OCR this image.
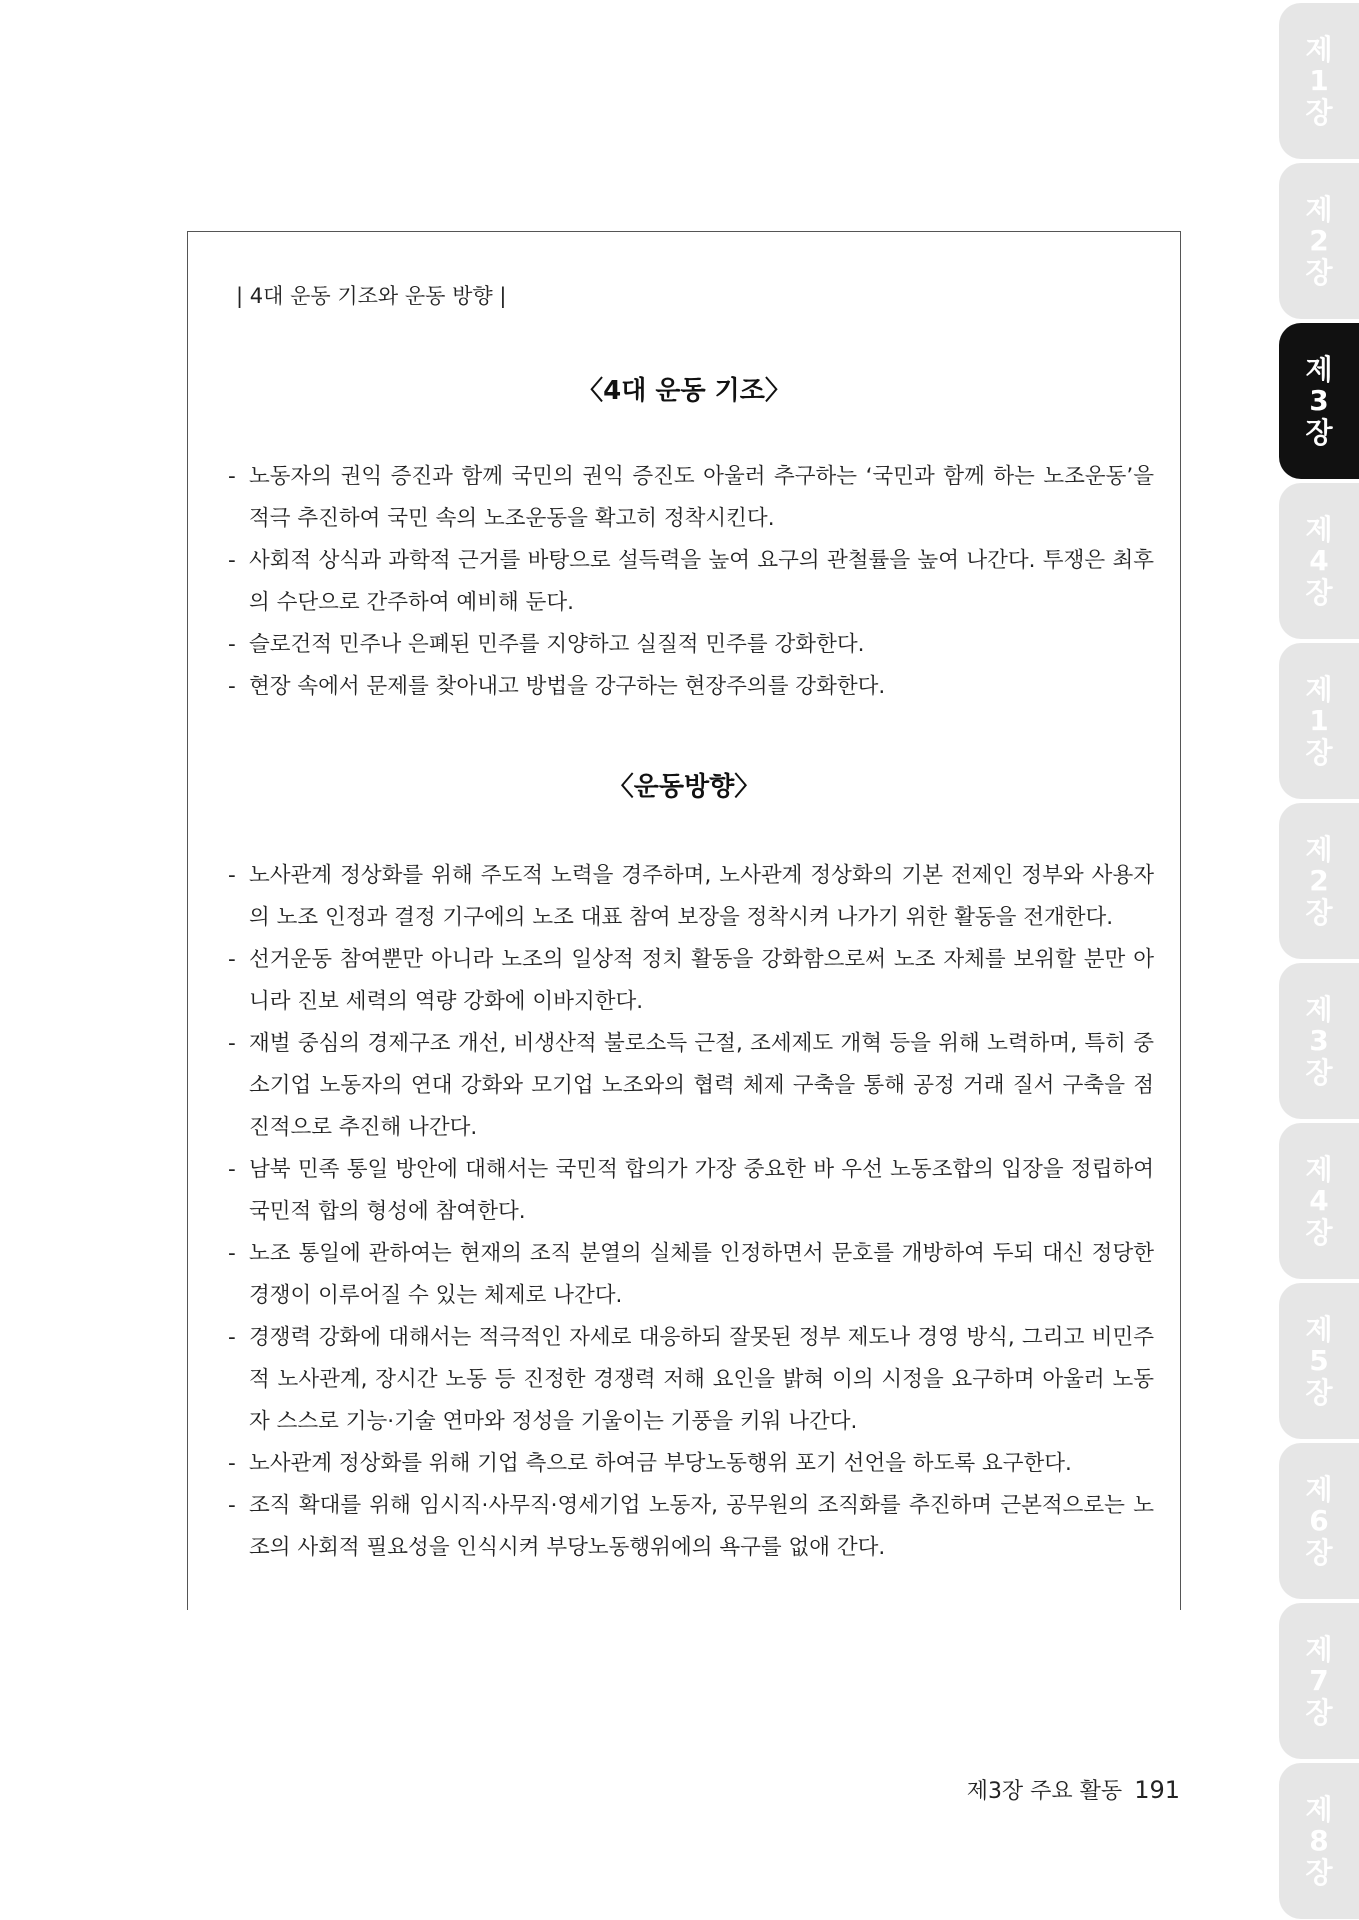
제
1
장
제
2
장
제
3
장
제
4
장
제
1
장
제
2
장
제
3
장
제
4
장
제
5
장
제
6
장
제
7
장
제
8
장
| 4대 운동 기조와 운동 방향 |
〈4대 운동 기조〉
- 노동자의 권익 증진과 함께 국민의 권익 증진도 아울러 추구하는 ‘국민과 함께 하는 노조운동’을 적극 추진하여 국민 속의 노조운동을 확고히 정착시킨다.
- 사회적 상식과 과학적 근거를 바탕으로 설득력을 높여 요구의 관철률을 높여 나간다. 투쟁은 최후의 수단으로 간주하여 예비해 둔다.
- 슬로건적 민주나 은폐된 민주를 지양하고 실질적 민주를 강화한다.
- 현장 속에서 문제를 찾아내고 방법을 강구하는 현장주의를 강화한다.
〈운동방향〉
- 노사관계 정상화를 위해 주도적 노력을 경주하며, 노사관계 정상화의 기본 전제인 정부와 사용자의 노조 인정과 결정 기구에의 노조 대표 참여 보장을 정착시켜 나가기 위한 활동을 전개한다.
- 선거운동 참여뿐만 아니라 노조의 일상적 정치 활동을 강화함으로써 노조 자체를 보위할 분만 아니라 진보 세력의 역량 강화에 이바지한다.
- 재벌 중심의 경제구조 개선, 비생산적 불로소득 근절, 조세제도 개혁 등을 위해 노력하며, 특히 중소기업 노동자의 연대 강화와 모기업 노조와의 협력 체제 구축을 통해 공정 거래 질서 구축을 점진적으로 추진해 나간다.
- 남북 민족 통일 방안에 대해서는 국민적 합의가 가장 중요한 바 우선 노동조합의 입장을 정립하여 국민적 합의 형성에 참여한다.
- 노조 통일에 관하여는 현재의 조직 분열의 실체를 인정하면서 문호를 개방하여 두되 대신 정당한 경쟁이 이루어질 수 있는 체제로 나간다.
- 경쟁력 강화에 대해서는 적극적인 자세로 대응하되 잘못된 정부 제도나 경영 방식, 그리고 비민주적 노사관계, 장시간 노동 등 진정한 경쟁력 저해 요인을 밝혀 이의 시정을 요구하며 아울러 노동자 스스로 기능·기술 연마와 정성을 기울이는 기풍을 키워 나간다.
- 노사관계 정상화를 위해 기업 측으로 하여금 부당노동행위 포기 선언을 하도록 요구한다.
- 조직 확대를 위해 임시직·사무직·영세기업 노동자, 공무원의 조직화를 추진하며 근본적으로는 노조의 사회적 필요성을 인식시켜 부당노동행위에의 욕구를 없애 간다.
제3장 주요 활동 191
